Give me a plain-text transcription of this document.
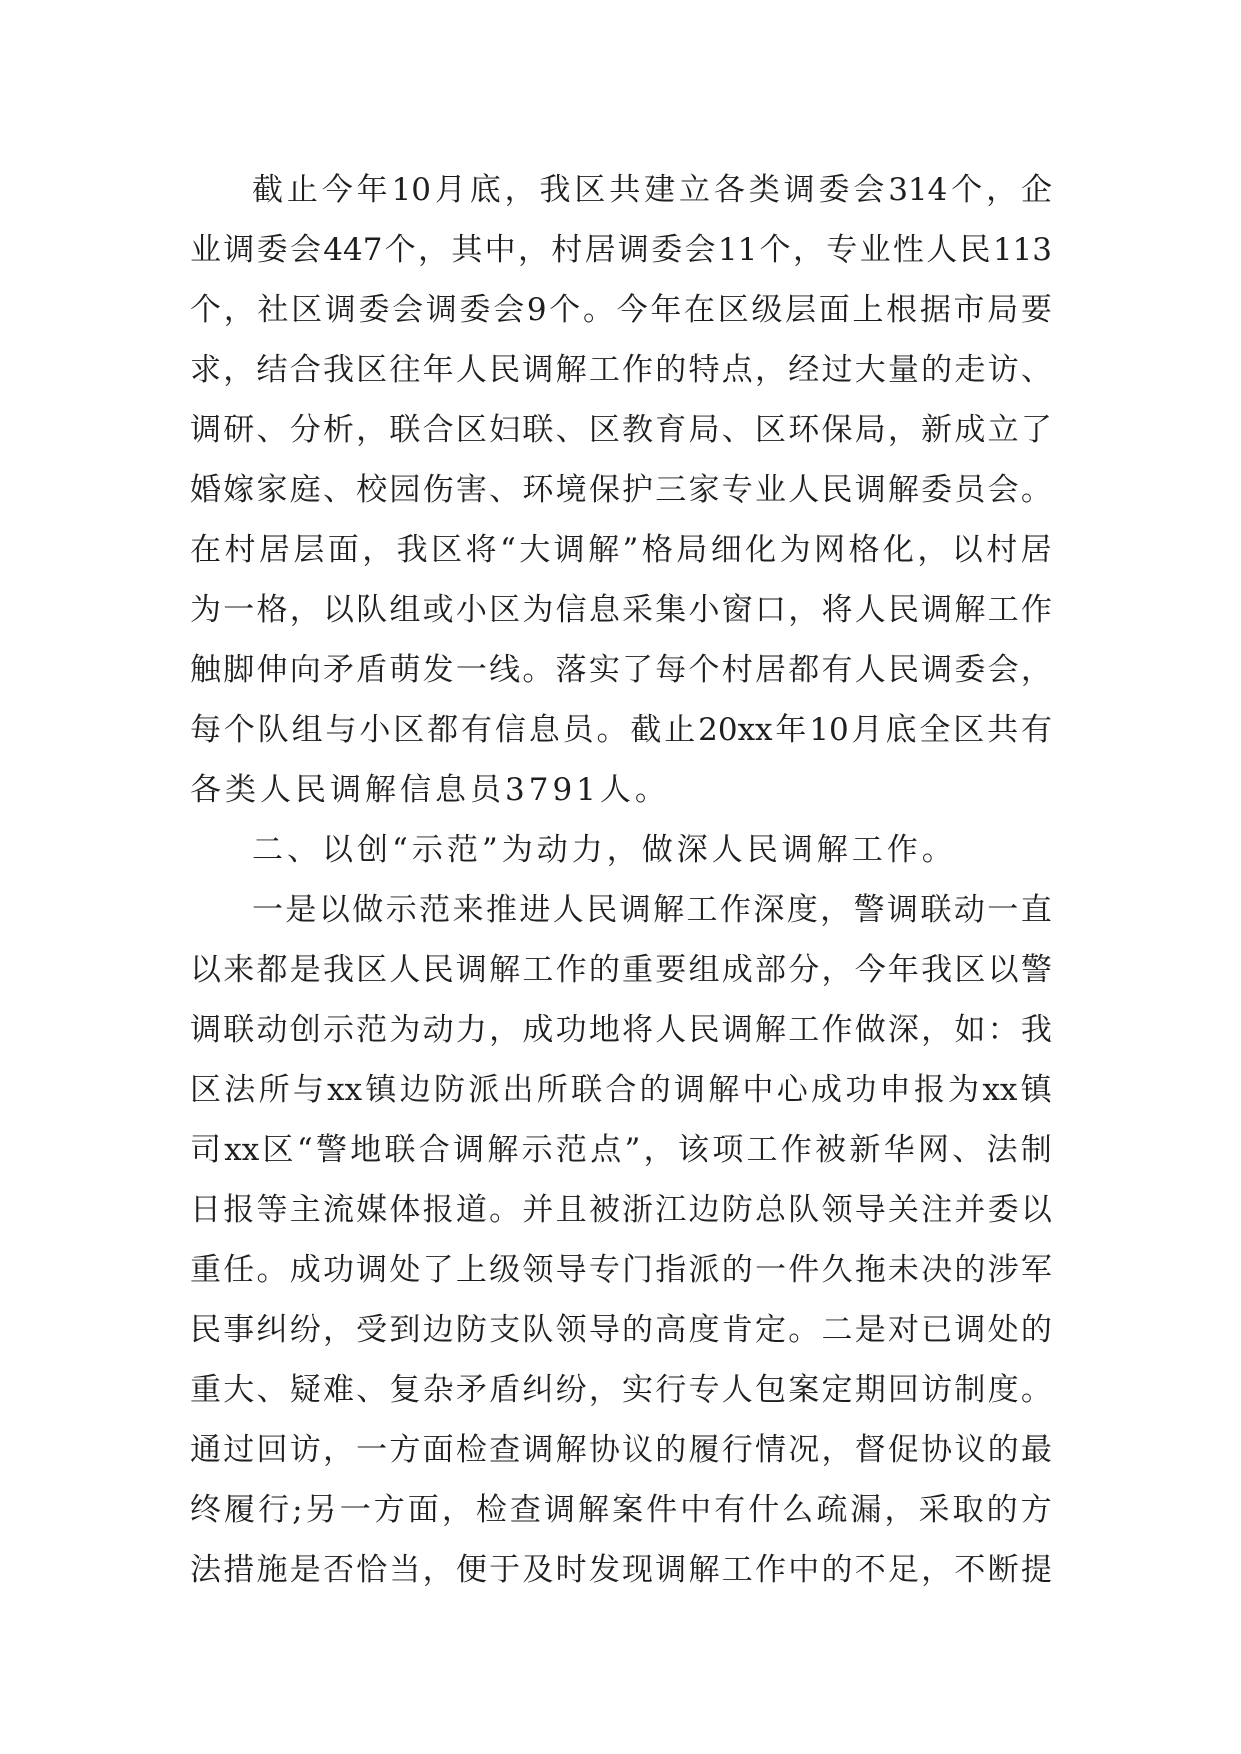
截 止 今 年 10 月 底 ， 我 区 共 建 立 各 类 调 委 会 314 个 ， 企
业 调 委 会 447 个 ， 其 中 ， 村 居 调 委 会 11 个 ， 专 业 性 人 民 113
个 ， 社 区 调 委 会 调 委 会 9 个 。 今 年 在 区 级 层 面 上 根 据 市 局 要
求 ， 结 合 我 区 往 年 人 民 调 解 工 作 的 特 点 ， 经 过 大 量 的 走 访 、
调 研 、 分 析 ， 联 合 区 妇 联 、 区 教 育 局 、 区 环 保 局 ， 新 成 立 了
婚 嫁 家 庭 、 校 园 伤 害 、 环 境 保 护 三 家 专 业 人 民 调 解 委 员 会 。
在 村 居 层 面 ， 我 区 将 “ 大 调 解 ” 格 局 细 化 为 网 格 化 ， 以 村 居
为 一 格 ， 以 队 组 或 小 区 为 信 息 采 集 小 窗 口 ， 将 人 民 调 解 工 作
触 脚 伸 向 矛 盾 萌 发 一 线 。 落 实 了 每 个 村 居 都 有 人 民 调 委 会 ，
每 个 队 组 与 小 区 都 有 信 息 员 。 截 止 20xx 年 10 月 底 全 区 共 有
各类人民调解信息员3791人。
二、以创“示范”为动力，做深人民调解工作。
一 是 以 做 示 范 来 推 进 人 民 调 解 工 作 深 度 ， 警 调 联 动 一 直
以 来 都 是 我 区 人 民 调 解 工 作 的 重 要 组 成 部 分 ， 今 年 我 区 以 警
调 联 动 创 示 范 为 动 力 ， 成 功 地 将 人 民 调 解 工 作 做 深 ， 如 ： 我
区 法 所 与 xx 镇 边 防 派 出 所 联 合 的 调 解 中 心 成 功 申 报 为 xx 镇
司 xx 区 “ 警 地 联 合 调 解 示 范 点 ” ， 该 项 工 作 被 新 华 网 、 法 制
日 报 等 主 流 媒 体 报 道 。 并 且 被 浙 江 边 防 总 队 领 导 关 注 并 委 以
重 任 。 成 功 调 处 了 上 级 领 导 专 门 指 派 的 一 件 久 拖 未 决 的 涉 军
民 事 纠 纷 ， 受 到 边 防 支 队 领 导 的 高 度 肯 定 。 二 是 对 已 调 处 的
重 大 、 疑 难 、 复 杂 矛 盾 纠 纷 ， 实 行 专 人 包 案 定 期 回 访 制 度 。
通 过 回 访 ， 一 方 面 检 查 调 解 协 议 的 履 行 情 况 ， 督 促 协 议 的 最
终 履 行 ; 另 一 方 面 ， 检 查 调 解 案 件 中 有 什 么 疏 漏 ， 采 取 的 方
法 措 施 是 否 恰 当 ， 便 于 及 时 发 现 调 解 工 作 中 的 不 足 ， 不 断 提
